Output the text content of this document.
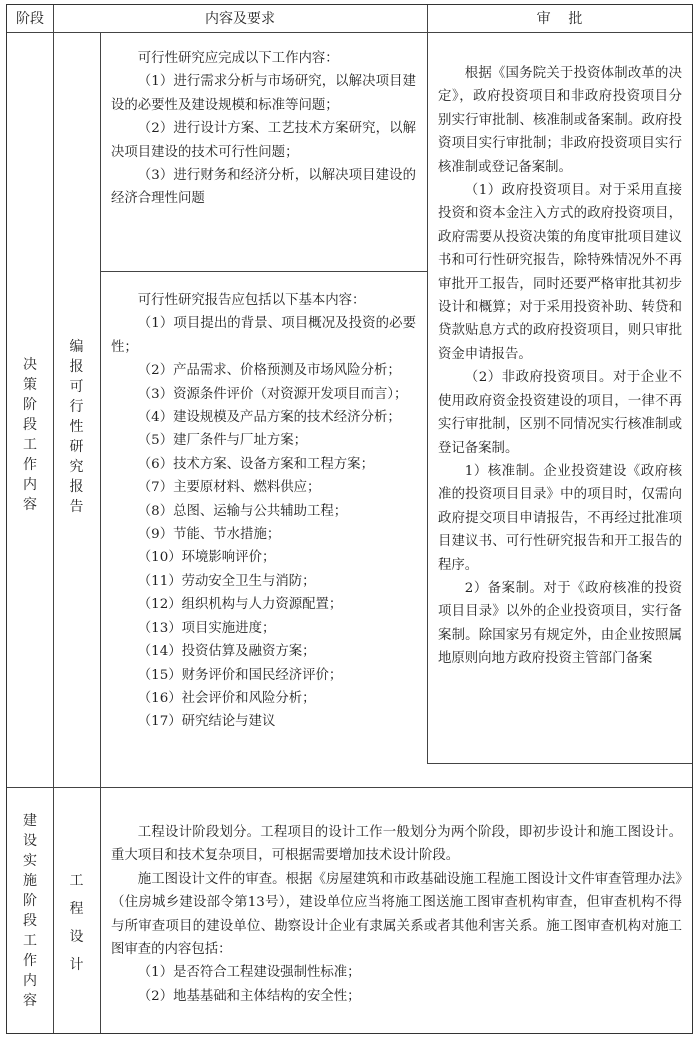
阶段	内容及要求	审    批
决
策
阶
段
工
作
内
容
编
报
可
行
性
研
究
报
告

可行性研究应完成以下工作内容：

（1）进行需求分析与市场研究，以解决项目建设的必要性及建设规模和标准等问题；

（2）进行设计方案、工艺技术方案研究，以解决项目建设的技术可行性问题；

（3）进行财务和经济分析，以解决项目建设的经济合理性问题

可行性研究报告应包括以下基本内容：

（1）项目提出的背景、项目概况及投资的必要性；

（2）产品需求、价格预测及市场风险分析；

（3）资源条件评价（对资源开发项目而言）；

（4）建设规模及产品方案的技术经济分析；

（5）建厂条件与厂址方案；

（6）技术方案、设备方案和工程方案；

（7）主要原材料、燃料供应；

（8）总图、运输与公共辅助工程；

（9）节能、节水措施；

（10）环境影响评价；

（11）劳动安全卫生与消防；

（12）组织机构与人力资源配置；

（13）项目实施进度；

（14）投资估算及融资方案；

（15）财务评价和国民经济评价；

（16）社会评价和风险分析；

（17）研究结论与建议

根据《国务院关于投资体制改革的决定》，政府投资项目和非政府投资项目分别实行审批制、核准制或备案制。政府投资项目实行审批制；非政府投资项目实行核准制或登记备案制。

（1）政府投资项目。对于采用直接投资和资本金注入方式的政府投资项目，政府需要从投资决策的角度审批项目建议书和可行性研究报告，除特殊情况外不再审批开工报告，同时还要严格审批其初步设计和概算；对于采用投资补助、转贷和贷款贴息方式的政府投资项目，则只审批资金申请报告。

（2）非政府投资项目。对于企业不使用政府资金投资建设的项目，一律不再实行审批制，区别不同情况实行核准制或登记备案制。

1）核准制。企业投资建设《政府核准的投资项目目录》中的项目时，仅需向政府提交项目申请报告，不再经过批准项目建议书、可行性研究报告和开工报告的程序。

2）备案制。对于《政府核准的投资项目目录》以外的企业投资项目，实行备案制。除国家另有规定外，由企业按照属地原则向地方政府投资主管部门备案

建
设
实
施
阶
段
工
作
内
容
工
程
设
计

工程设计阶段划分。工程项目的设计工作一般划分为两个阶段，即初步设计和施工图设计。重大项目和技术复杂项目，可根据需要增加技术设计阶段。

施工图设计文件的审查。根据《房屋建筑和市政基础设施工程施工图设计文件审查管理办法》（住房城乡建设部令第13号），建设单位应当将施工图送施工图审查机构审查，但审查机构不得与所审查项目的建设单位、勘察设计企业有隶属关系或者其他利害关系。施工图审查机构对施工图审查的内容包括：

（1）是否符合工程建设强制性标准；

（2）地基基础和主体结构的安全性；
